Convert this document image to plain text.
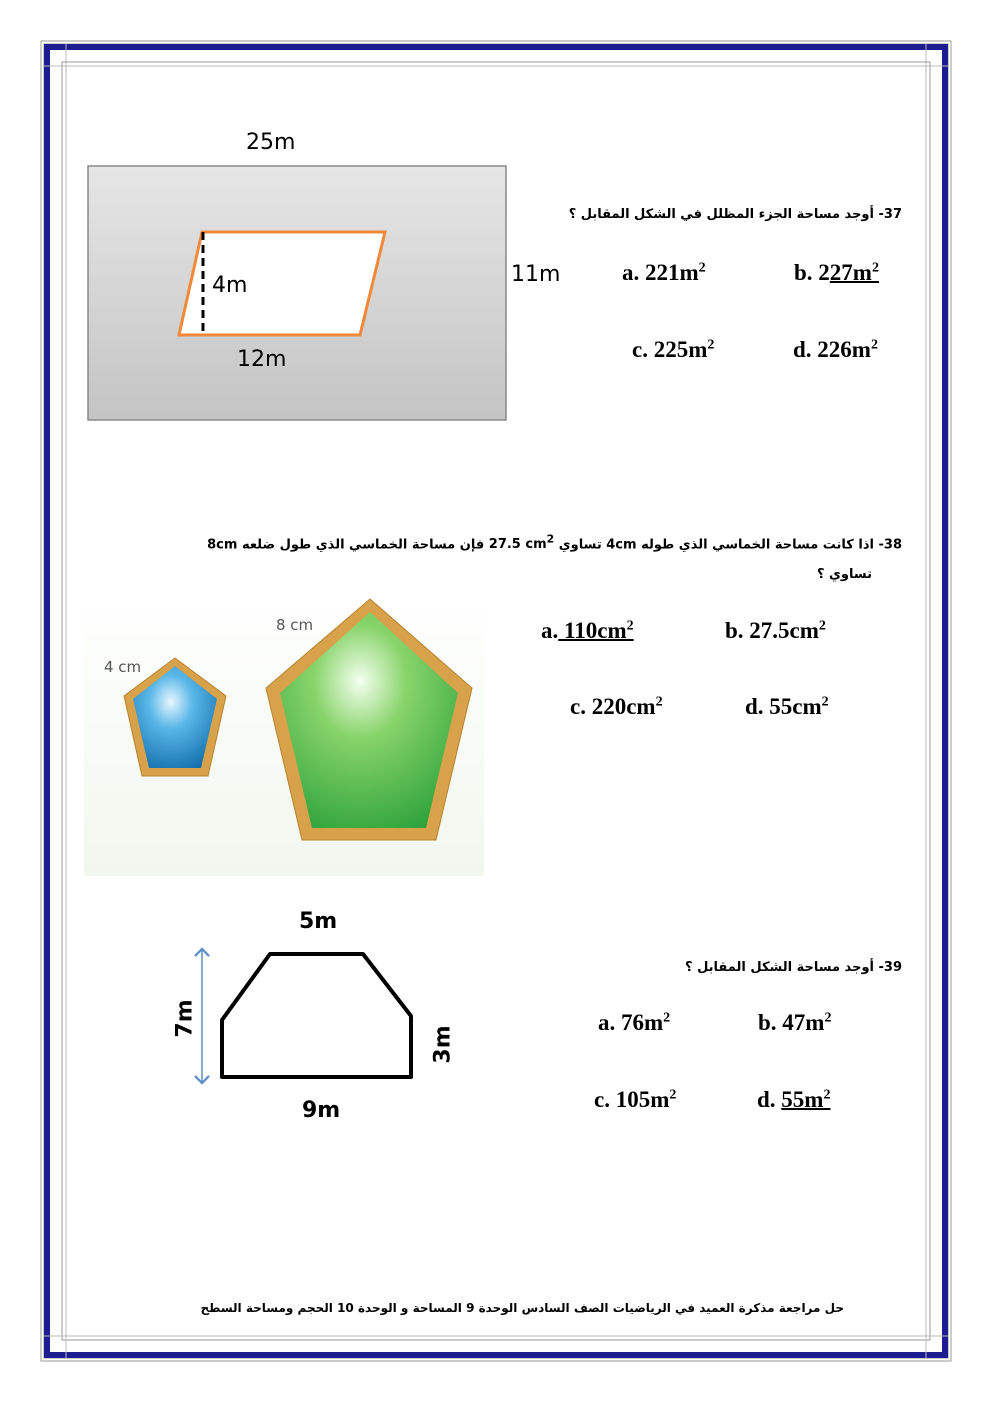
25m
11m
4m
12m
37- أوجد مساحة الجزء المظلل في الشكل المقابل ؟
a. $221m^2$	b. $227m^2$
c. $225m^2$	d. $226m^2$
38- اذا كانت مساحة الخماسي الذي طوله 4cm تساوي 27.5 $cm^2$ فإن مساحة الخماسي الذي طول ضلعه 8cm
تساوي ؟
4 cm
8 cm	a. $110cm^2$	b. $27.5cm^2$
c. $220cm^2$	d. $55cm^2$
5m
9m
7m
3m
39- أوجد مساحة الشكل المقابل ؟
a. $76m^2$	b. $47m^2$
c. $105m^2$	d. $55m^2$
حل مراجعة مذكرة العميد في الرياضيات الصف السادس الوحدة 9 المساحة و الوحدة 10 الحجم ومساحة السطح
